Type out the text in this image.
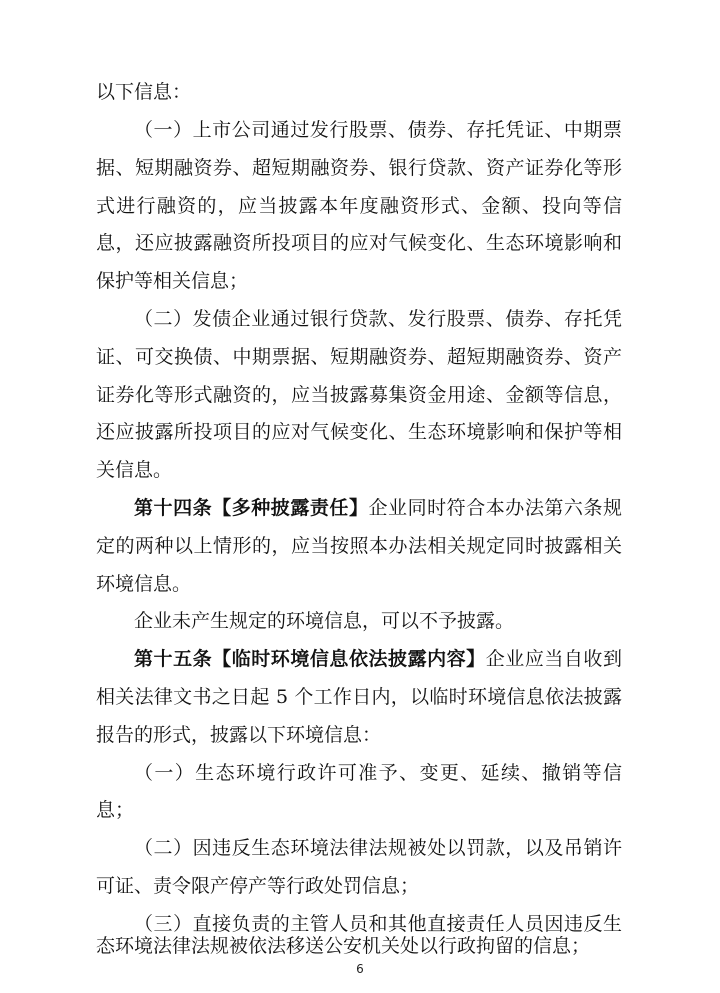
以下信息：
（一）上市公司通过发行股票、债券、存托凭证、中期票
据、短期融资券、超短期融资券、银行贷款、资产证券化等形
式进行融资的，应当披露本年度融资形式、金额、投向等信
息，还应披露融资所投项目的应对气候变化、生态环境影响和
保护等相关信息；
（二）发债企业通过银行贷款、发行股票、债券、存托凭
证、可交换债、中期票据、短期融资券、超短期融资券、资产
证券化等形式融资的，应当披露募集资金用途、金额等信息，
还应披露所投项目的应对气候变化、生态环境影响和保护等相
关信息。
第十四条【多种披露责任】企业同时符合本办法第六条规
定的两种以上情形的，应当按照本办法相关规定同时披露相关
环境信息。
企业未产生规定的环境信息，可以不予披露。
第十五条【临时环境信息依法披露内容】企业应当自收到
相关法律文书之日起 5 个工作日内，以临时环境信息依法披露
报告的形式，披露以下环境信息：
（一）生态环境行政许可准予、变更、延续、撤销等信
息；
（二）因违反生态环境法律法规被处以罚款，以及吊销许
可证、责令限产停产等行政处罚信息；
（三）直接负责的主管人员和其他直接责任人员因违反生
态环境法律法规被依法移送公安机关处以行政拘留的信息；
6
